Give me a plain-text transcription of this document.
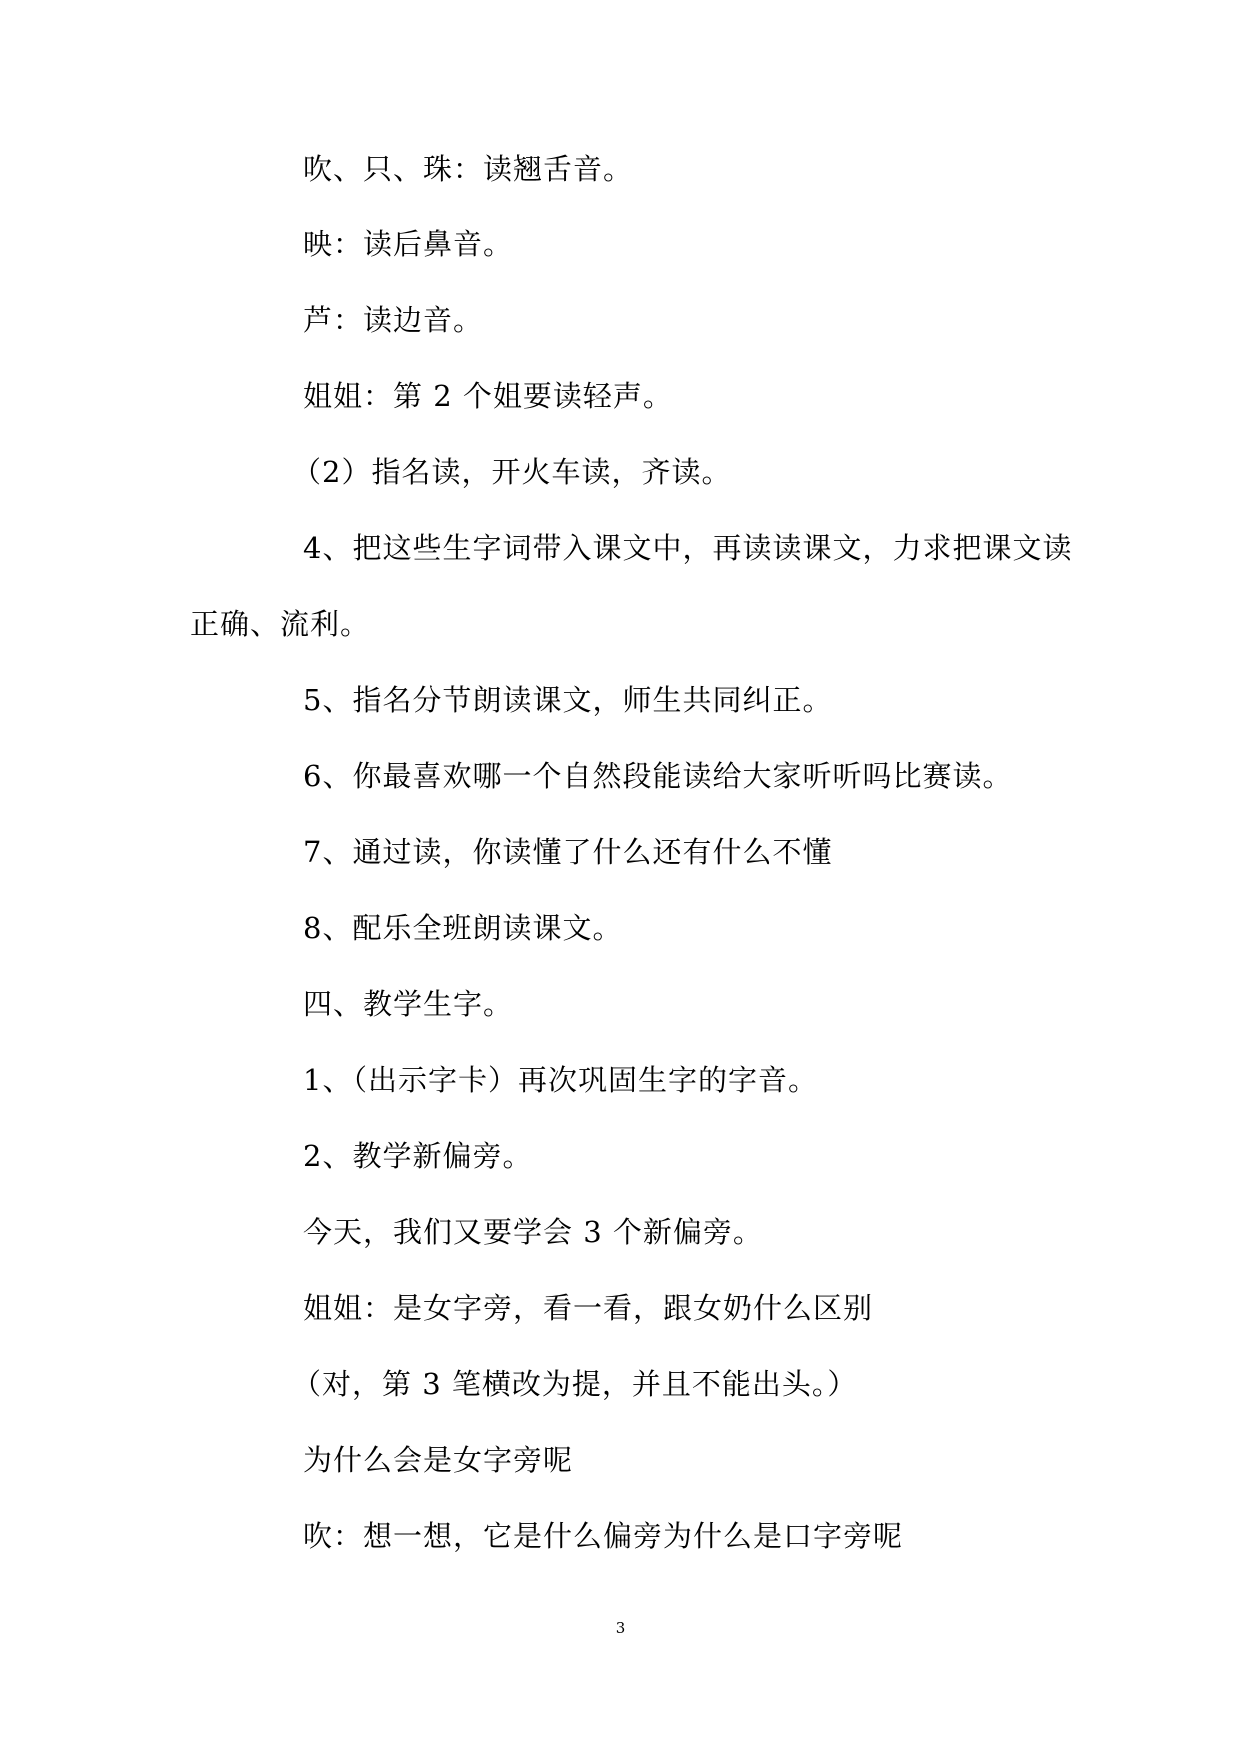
吹、只、珠：读翘舌音。
映：读后鼻音。
芦：读边音。
姐姐：第 2 个姐要读轻声。
（2）指名读，开火车读，齐读。
4、把这些生字词带入课文中，再读读课文，力求把课文读
正确、流利。
5、指名分节朗读课文，师生共同纠正。
6、你最喜欢哪一个自然段能读给大家听听吗比赛读。
7、通过读，你读懂了什么还有什么不懂
8、配乐全班朗读课文。
四、教学生字。
1、（出示字卡）再次巩固生字的字音。
2、教学新偏旁。
今天，我们又要学会 3 个新偏旁。
姐姐：是女字旁，看一看，跟女奶什么区别
（对，第 3 笔横改为提，并且不能出头。）
为什么会是女字旁呢
吹：想一想，它是什么偏旁为什么是口字旁呢
3
